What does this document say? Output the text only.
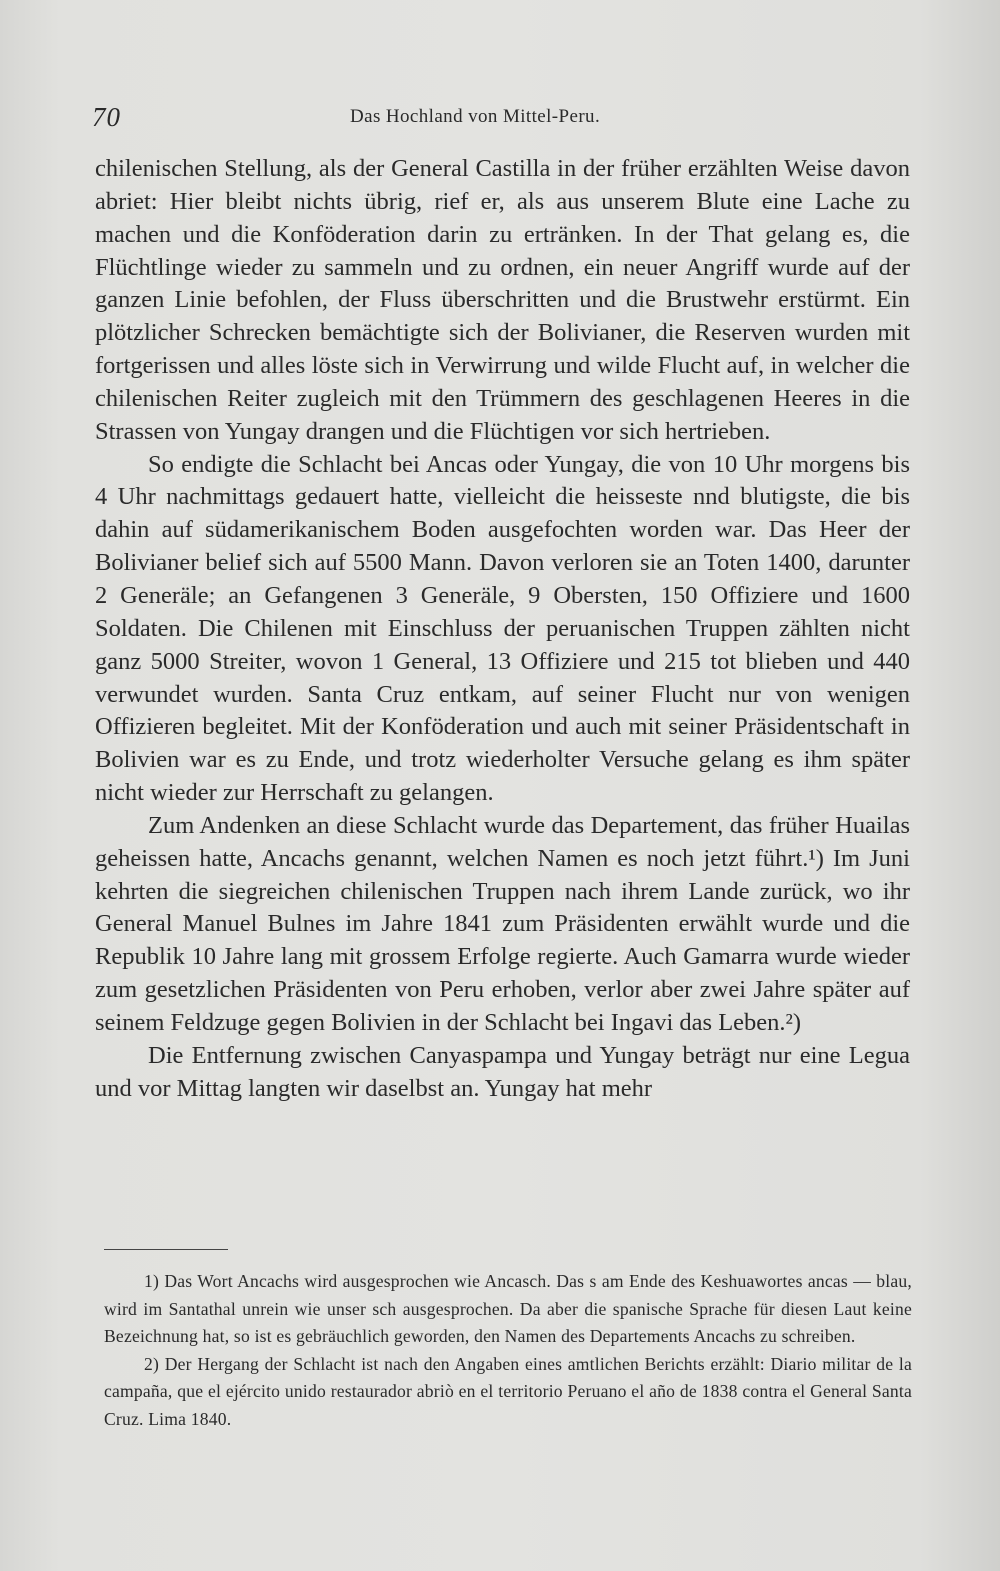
70	Das Hochland von Mittel-Peru.

chilenischen Stellung, als der General Castilla in der früher erzählten Weise davon abriet: Hier bleibt nichts übrig, rief er, als aus unserem Blute eine Lache zu machen und die Konföderation darin zu ertränken. In der That gelang es, die Flüchtlinge wieder zu sammeln und zu ordnen, ein neuer Angriff wurde auf der ganzen Linie befohlen, der Fluss überschritten und die Brustwehr erstürmt. Ein plötzlicher Schrecken bemächtigte sich der Bolivianer, die Reserven wurden mit fortgerissen und alles löste sich in Verwirrung und wilde Flucht auf, in welcher die chilenischen Reiter zugleich mit den Trümmern des geschlagenen Heeres in die Strassen von Yungay drangen und die Flüchtigen vor sich hertrieben.

So endigte die Schlacht bei Ancas oder Yungay, die von 10 Uhr morgens bis 4 Uhr nachmittags gedauert hatte, vielleicht die heisseste nnd blutigste, die bis dahin auf südamerikanischem Boden ausgefochten worden war. Das Heer der Bolivianer belief sich auf 5500 Mann. Davon verloren sie an Toten 1400, darunter 2 Generäle; an Gefangenen 3 Generäle, 9 Obersten, 150 Offiziere und 1600 Soldaten. Die Chilenen mit Einschluss der peruanischen Truppen zählten nicht ganz 5000 Streiter, wovon 1 General, 13 Offiziere und 215 tot blieben und 440 verwundet wurden. Santa Cruz entkam, auf seiner Flucht nur von wenigen Offizieren begleitet. Mit der Konföderation und auch mit seiner Präsidentschaft in Bolivien war es zu Ende, und trotz wiederholter Versuche gelang es ihm später nicht wieder zur Herrschaft zu gelangen.

Zum Andenken an diese Schlacht wurde das Departement, das früher Huailas geheissen hatte, Ancachs genannt, welchen Namen es noch jetzt führt.¹) Im Juni kehrten die siegreichen chilenischen Truppen nach ihrem Lande zurück, wo ihr General Manuel Bulnes im Jahre 1841 zum Präsidenten erwählt wurde und die Republik 10 Jahre lang mit grossem Erfolge regierte. Auch Gamarra wurde wieder zum gesetzlichen Präsidenten von Peru erhoben, verlor aber zwei Jahre später auf seinem Feldzuge gegen Bolivien in der Schlacht bei Ingavi das Leben.²)

Die Entfernung zwischen Canyaspampa und Yungay beträgt nur eine Legua und vor Mittag langten wir daselbst an. Yungay hat mehr

1) Das Wort Ancachs wird ausgesprochen wie Ancasch. Das s am Ende des Keshuawortes ancas — blau, wird im Santathal unrein wie unser sch ausgesprochen. Da aber die spanische Sprache für diesen Laut keine Bezeichnung hat, so ist es gebräuchlich geworden, den Namen des Departements Ancachs zu schreiben.

2) Der Hergang der Schlacht ist nach den Angaben eines amtlichen Berichts erzählt: Diario militar de la campaña, que el ejército unido restaurador abriò en el territorio Peruano el año de 1838 contra el General Santa Cruz. Lima 1840.
